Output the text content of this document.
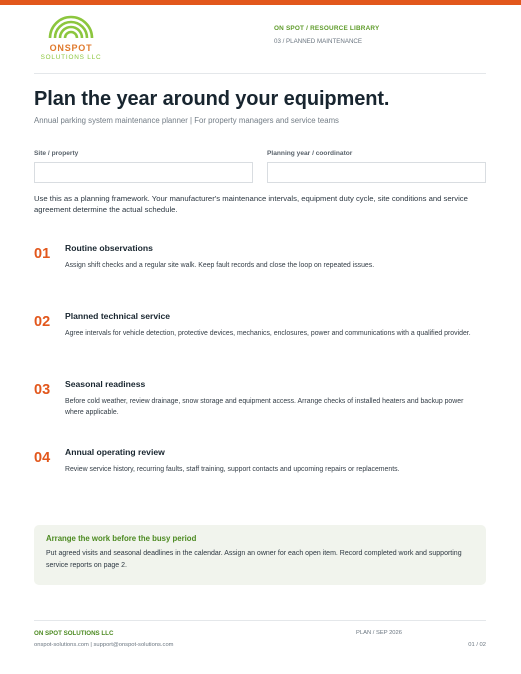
ONSPOT
SOLUTIONS LLC
ON SPOT / RESOURCE LIBRARY
03 / PLANNED MAINTENANCE
Plan the year around your equipment.
Annual parking system maintenance planner | For property managers and service teams
Site / property	Planning year / coordinator

Use this as a planning framework. Your manufacturer's maintenance intervals, equipment duty cycle, site conditions and service agreement determine the actual schedule.

01 Routine observations
Assign shift checks and a regular site walk. Keep fault records and close the loop on repeated issues.
02 Planned technical service
Agree intervals for vehicle detection, protective devices, mechanics, enclosures, power and communications with a qualified provider.
03 Seasonal readiness
Before cold weather, review drainage, snow storage and equipment access. Arrange checks of installed heaters and backup power where applicable.
04 Annual operating review
Review service history, recurring faults, staff training, support contacts and upcoming repairs or replacements.
Arrange the work before the busy period
Put agreed visits and seasonal deadlines in the calendar. Assign an owner for each open item. Record completed work and supporting service reports on page 2.
ON SPOT SOLUTIONS LLC
onspot-solutions.com | support@onspot-solutions.com
PLAN / SEP 2026
01 / 02
